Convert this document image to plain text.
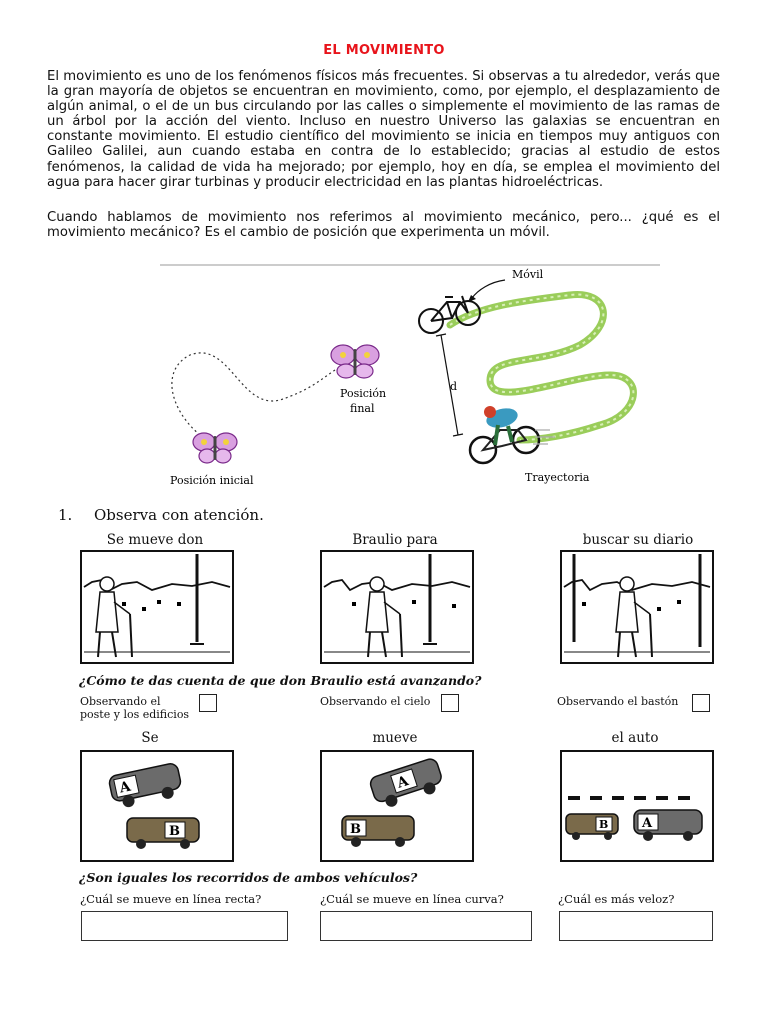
EL MOVIMIENTO
El movimiento es uno de los fenómenos físicos más frecuentes. Si observas a tu alrededor, verás que la gran mayoría de objetos se encuentran en movimiento, como, por ejemplo, el desplazamiento de algún animal, o el de un bus circulando por las calles o simplemente el movimiento de las ramas de un árbol por la acción del viento. Incluso en nuestro Universo las galaxias se encuentran en constante movimiento. El estudio científico del movimiento se inicia en tiempos muy antiguos con Galileo Galilei, aun cuando estaba en contra de lo establecido; gracias al estudio de estos fenómenos, la calidad de vida ha mejorado; por ejemplo, hoy en día, se emplea el movimiento del agua para hacer girar turbinas y producir electricidad en las plantas hidroeléctricas.
Cuando hablamos de movimiento nos referimos al movimiento mecánico, pero... ¿qué es el movimiento mecánico? Es el cambio de posición que experimenta un móvil.
Posición inicial
Posición
final
Móvil
d
Trayectoria
1. Observa con atención.
Se mueve don	Braulio para	buscar su diario
¿Cómo te das cuenta de que don Braulio está avanzando?
Observando el
poste y los edificios
Observando el cielo	Observando el bastón
Se	mueve	el auto
A
B
A
B	B	A
¿Son iguales los recorridos de ambos vehículos?
¿Cuál se mueve en línea recta?	¿Cuál se mueve en línea curva?	¿Cuál es más veloz?
